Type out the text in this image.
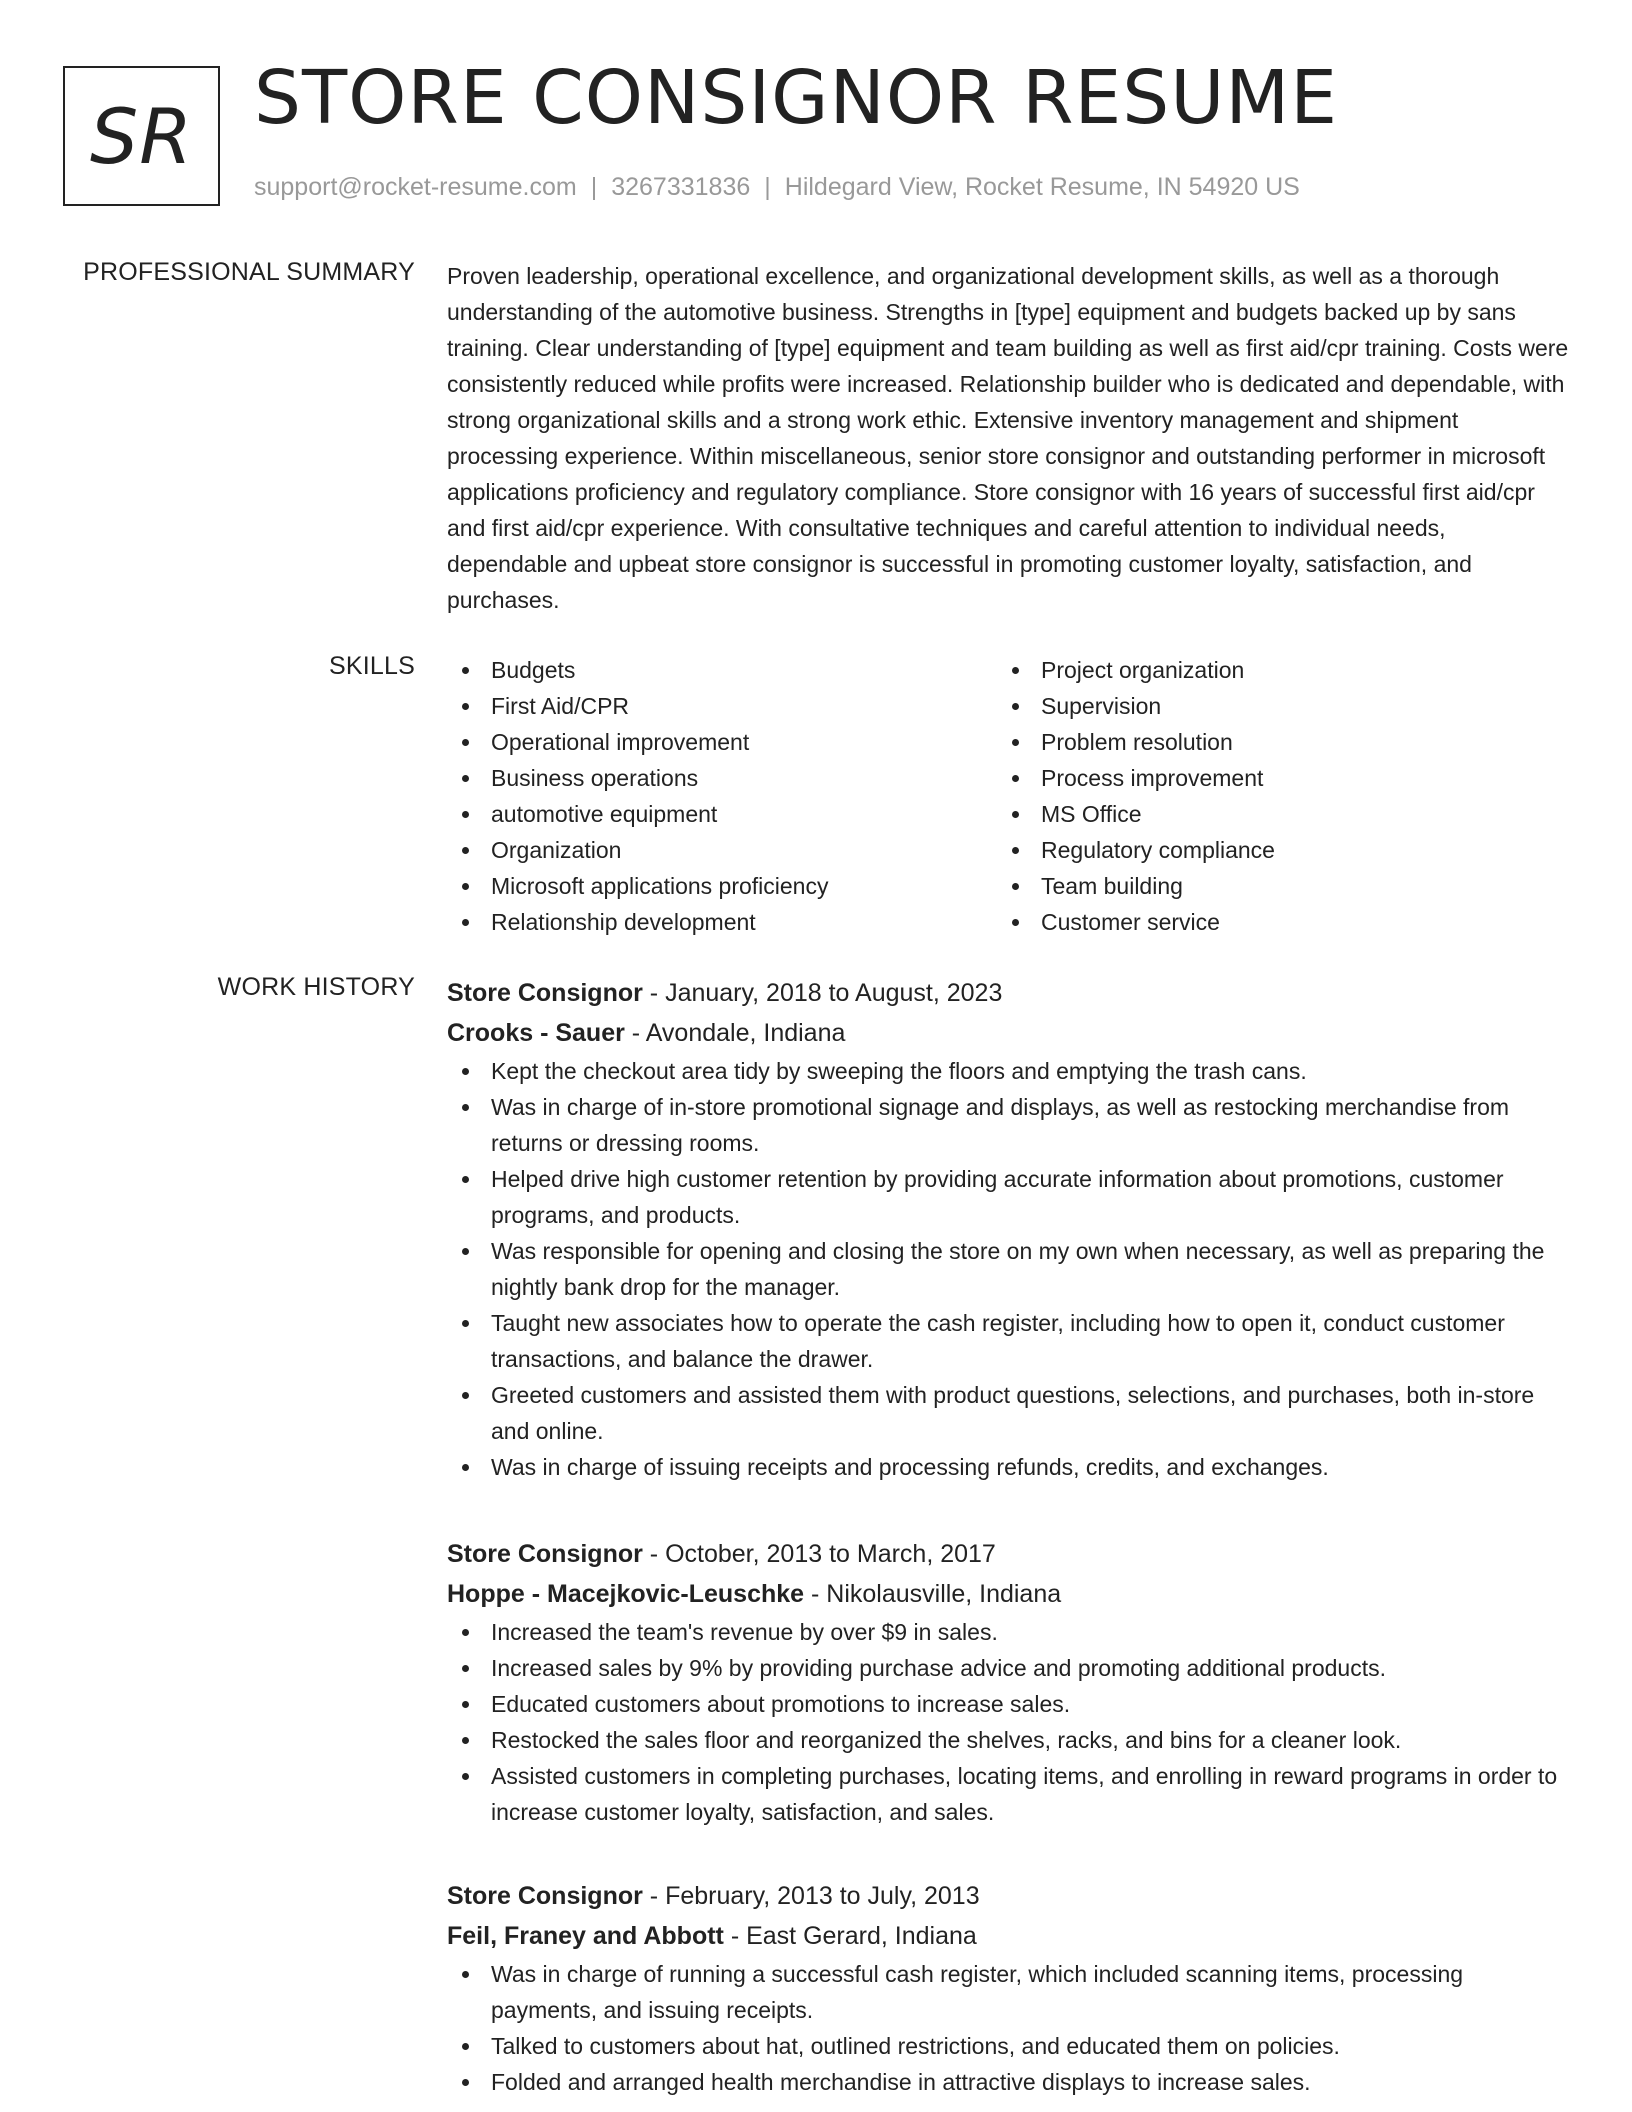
SR STORE CONSIGNOR RESUME
support@rocket-resume.com | 3267331836 | Hildegard View, Rocket Resume, IN 54920 US
PROFESSIONAL SUMMARY Proven leadership, operational excellence, and organizational development skills, as well as a thorough understanding of the automotive business. Strengths in [type] equipment and budgets backed up by sans training. Clear understanding of [type] equipment and team building as well as first aid/cpr training. Costs were consistently reduced while profits were increased. Relationship builder who is dedicated and dependable, with strong organizational skills and a strong work ethic. Extensive inventory management and shipment processing experience. Within miscellaneous, senior store consignor and outstanding performer in microsoft applications proficiency and regulatory compliance. Store consignor with 16 years of successful first aid/cpr and first aid/cpr experience. With consultative techniques and careful attention to individual needs, dependable and upbeat store consignor is successful in promoting customer loyalty, satisfaction, and purchases.

SKILLS	Budgets
First Aid/CPR
Operational improvement
Business operations
automotive equipment
Organization
Microsoft applications proficiency
Relationship development
Project organization
Supervision
Problem resolution
Process improvement
MS Office
Regulatory compliance
Team building
Customer service
WORK HISTORY Store Consignor - January, 2018 to August, 2023
Crooks - Sauer - Avondale, Indiana
Kept the checkout area tidy by sweeping the floors and emptying the trash cans.
Was in charge of in-store promotional signage and displays, as well as restocking merchandise from returns or dressing rooms.
Helped drive high customer retention by providing accurate information about promotions, customer programs, and products.
Was responsible for opening and closing the store on my own when necessary, as well as preparing the nightly bank drop for the manager.
Taught new associates how to operate the cash register, including how to open it, conduct customer transactions, and balance the drawer.
Greeted customers and assisted them with product questions, selections, and purchases, both in-store and online.
Was in charge of issuing receipts and processing refunds, credits, and exchanges.
Store Consignor - October, 2013 to March, 2017
Hoppe - Macejkovic-Leuschke - Nikolausville, Indiana
Increased the team's revenue by over $9 in sales.
Increased sales by 9% by providing purchase advice and promoting additional products.
Educated customers about promotions to increase sales.
Restocked the sales floor and reorganized the shelves, racks, and bins for a cleaner look.
Assisted customers in completing purchases, locating items, and enrolling in reward programs in order to increase customer loyalty, satisfaction, and sales.
Store Consignor - February, 2013 to July, 2013
Feil, Franey and Abbott - East Gerard, Indiana
Was in charge of running a successful cash register, which included scanning items, processing payments, and issuing receipts.
Talked to customers about hat, outlined restrictions, and educated them on policies.
Folded and arranged health merchandise in attractive displays to increase sales.
